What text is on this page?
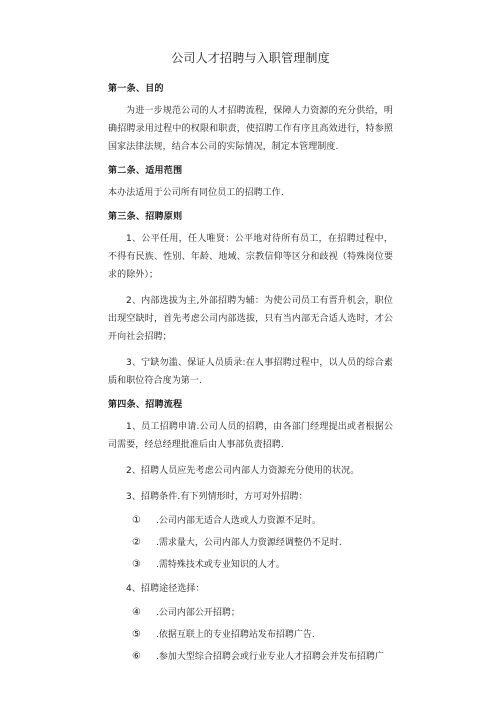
公司人才招聘与入职管理制度
第一条、目的

为进一步规范公司的人才招聘流程，保障人力资源的充分供给，明确招聘录用过程中的权限和职责，使招聘工作有序且高效进行，特参照国家法律法规，结合本公司的实际情况，制定本管理制度.

第二条、适用范围

本办法适用于公司所有同位员工的招聘工作.

第三条、招聘原则

1、公平任用，任人唯贤：公平地对待所有员工，在招聘过程中，不得有民族、性别、年龄、地域、宗教信仰等区分和歧视（特殊岗位要求的除外）；

2、内部选拔为主,外部招聘为辅：为使公司员工有晋升机会，职位出现空缺时，首先考虑公司内部选拔，只有当内部无合适人选时，才公开向社会招聘；

3、宁缺勿滥、保证人员质录:在人事招聘过程中，以人员的综合素质和职位符合度为第一.

第四条、招聘流程

1、员工招聘申请.公司人员的招聘，由各部门经理提出或者根据公司需要，经总经理批准后由人事部负责招聘.

2、招聘人员应先考虑公司内部人力资源充分使用的状况。

3、招聘条件.有下列情形时，方可对外招聘：

①	.公司内部无适合人选或人力资源不足时。
②	.需求量大，公司内部人力资源经调整仍不足时.
③	.需特殊技术或专业知识的人才。

4、招聘途径选择：

④	.公司内部公开招聘；
⑤	.依据互联上的专业招聘站发布招聘广告.
⑥	.参加大型综合招聘会或行业专业人才招聘会并发布招聘广
